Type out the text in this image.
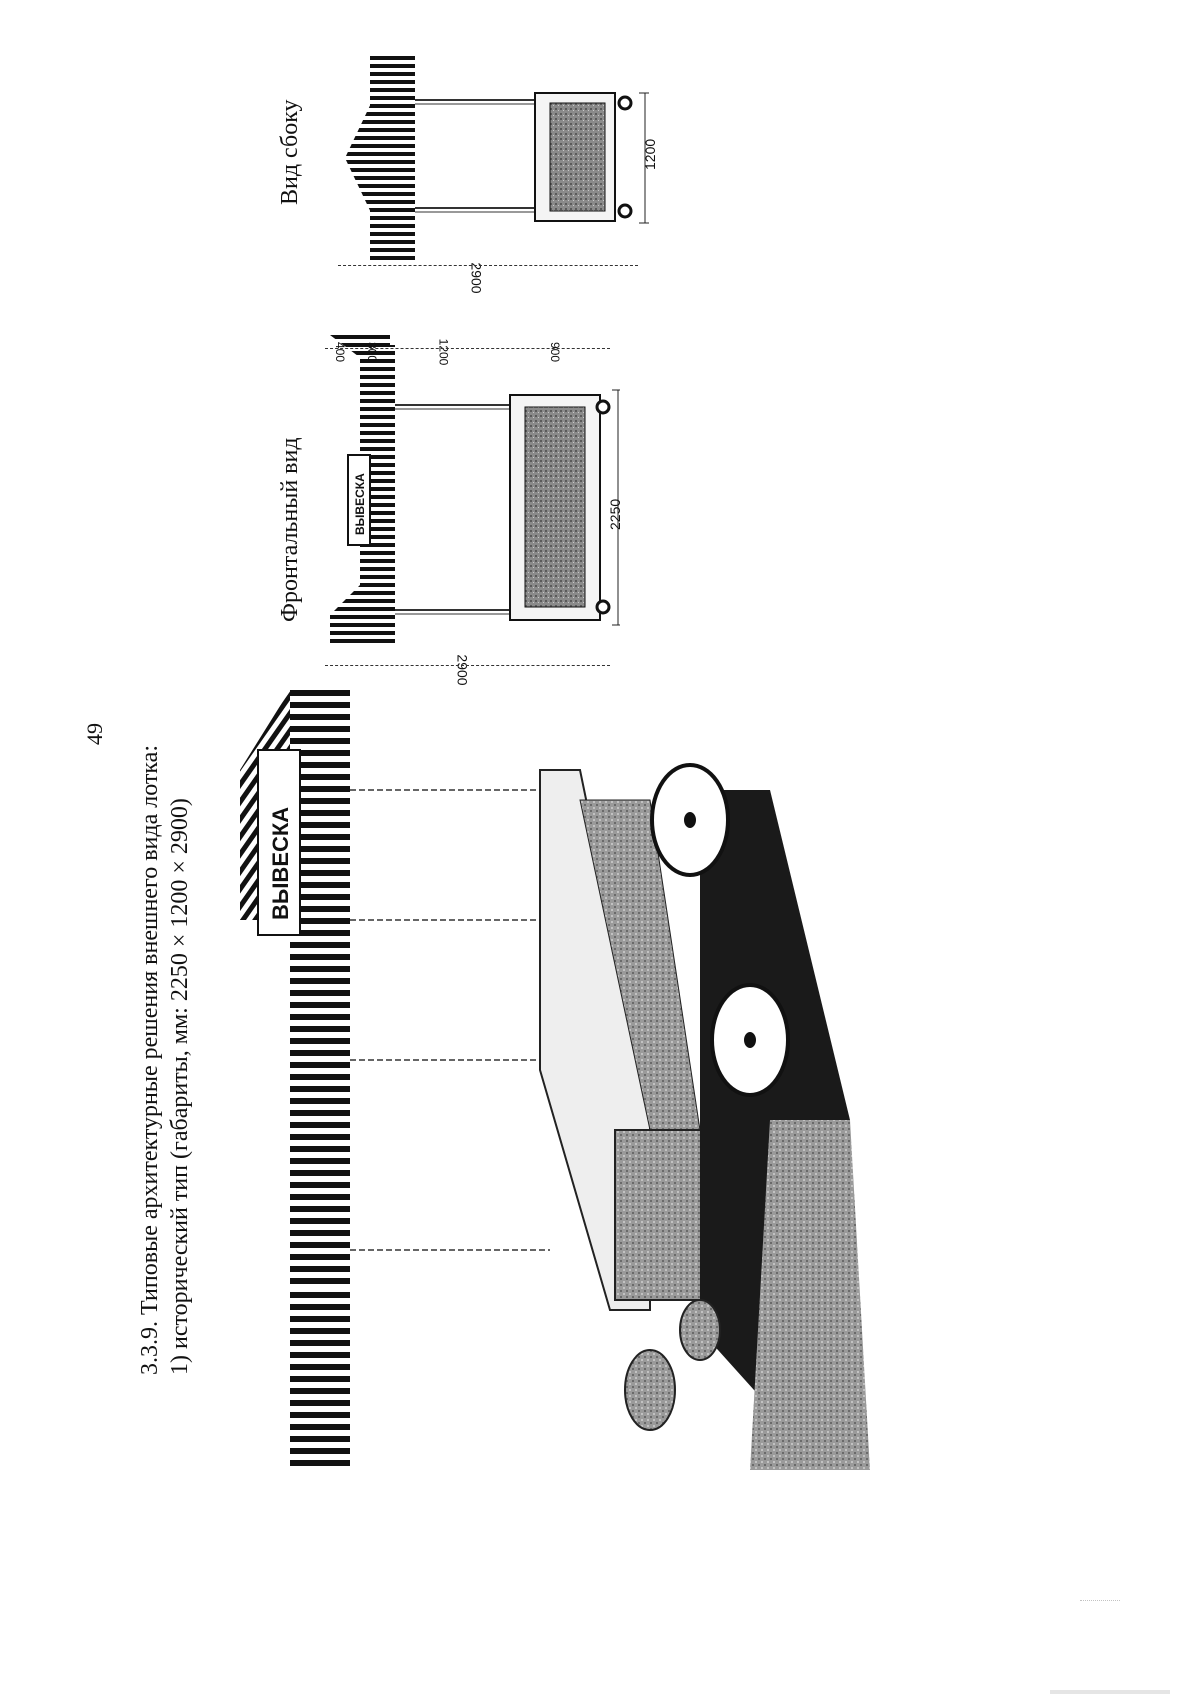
49
3.3.9. Типовые архитектурные решения внешнего вида лотка: 1) исторический тип (габариты, мм: 2250 × 1200 × 2900)	ВЫВЕСКА
Фронтальный вид	ВЫВЕСКА	2250
2900
400 300	1200	900
Вид сбоку	1200
2900
